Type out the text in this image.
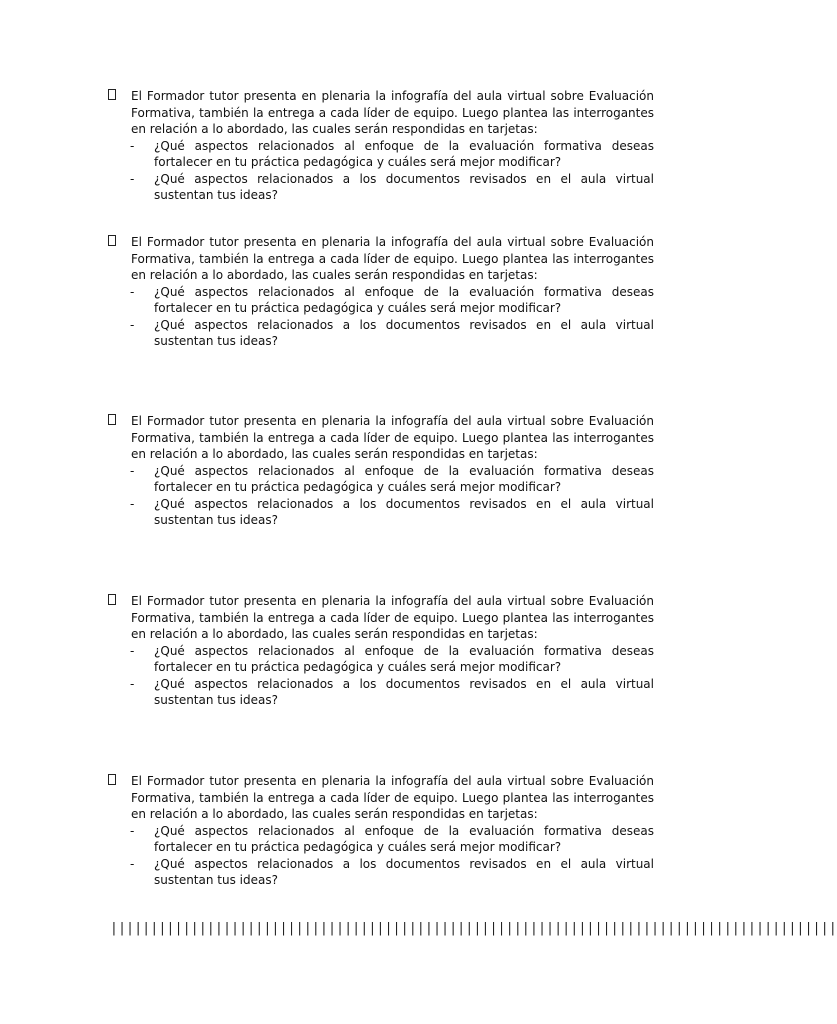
El Formador tutor presenta en plenaria la infografía del aula virtual sobre Evaluación Formativa, también la entrega a cada líder de equipo. Luego plantea las interrogantes en relación a lo abordado, las cuales serán respondidas en tarjetas:

- ¿Qué aspectos relacionados al enfoque de la evaluación formativa deseas fortalecer en tu práctica pedagógica y cuáles será mejor modificar?
- ¿Qué aspectos relacionados a los documentos revisados en el aula virtual sustentan tus ideas?

El Formador tutor presenta en plenaria la infografía del aula virtual sobre Evaluación Formativa, también la entrega a cada líder de equipo. Luego plantea las interrogantes en relación a lo abordado, las cuales serán respondidas en tarjetas:

- ¿Qué aspectos relacionados al enfoque de la evaluación formativa deseas fortalecer en tu práctica pedagógica y cuáles será mejor modificar?
- ¿Qué aspectos relacionados a los documentos revisados en el aula virtual sustentan tus ideas?

El Formador tutor presenta en plenaria la infografía del aula virtual sobre Evaluación Formativa, también la entrega a cada líder de equipo. Luego plantea las interrogantes en relación a lo abordado, las cuales serán respondidas en tarjetas:

- ¿Qué aspectos relacionados al enfoque de la evaluación formativa deseas fortalecer en tu práctica pedagógica y cuáles será mejor modificar?
- ¿Qué aspectos relacionados a los documentos revisados en el aula virtual sustentan tus ideas?

El Formador tutor presenta en plenaria la infografía del aula virtual sobre Evaluación Formativa, también la entrega a cada líder de equipo. Luego plantea las interrogantes en relación a lo abordado, las cuales serán respondidas en tarjetas:

- ¿Qué aspectos relacionados al enfoque de la evaluación formativa deseas fortalecer en tu práctica pedagógica y cuáles será mejor modificar?
- ¿Qué aspectos relacionados a los documentos revisados en el aula virtual sustentan tus ideas?

El Formador tutor presenta en plenaria la infografía del aula virtual sobre Evaluación Formativa, también la entrega a cada líder de equipo. Luego plantea las interrogantes en relación a lo abordado, las cuales serán respondidas en tarjetas:

- ¿Qué aspectos relacionados al enfoque de la evaluación formativa deseas fortalecer en tu práctica pedagógica y cuáles será mejor modificar?
- ¿Qué aspectos relacionados a los documentos revisados en el aula virtual sustentan tus ideas?
||||||||||||||||||||||||||||||||||||||||||||||||||||||||||||||||||||||||||||||||||||||||||
